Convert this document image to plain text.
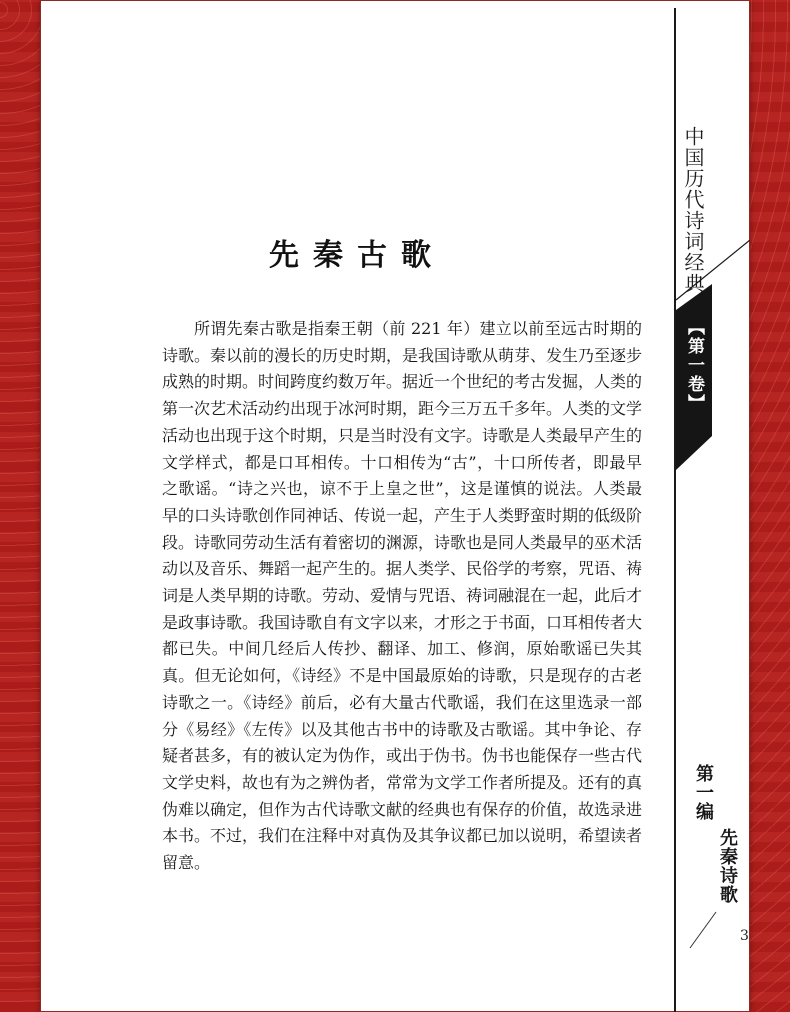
中国历代诗词经典
【第一卷】
先秦古歌

所谓先秦古歌是指秦王朝（前 221 年）建立以前至远古时期的诗歌。秦以前的漫长的历史时期，是我国诗歌从萌芽、发生乃至逐步成熟的时期。时间跨度约数万年。据近一个世纪的考古发掘，人类的第一次艺术活动约出现于冰河时期，距今三万五千多年。人类的文学活动也出现于这个时期，只是当时没有文字。诗歌是人类最早产生的文学样式，都是口耳相传。十口相传为“古”，十口所传者，即最早之歌谣。“诗之兴也，谅不于上皇之世”，这是谨慎的说法。人类最早的口头诗歌创作同神话、传说一起，产生于人类野蛮时期的低级阶段。诗歌同劳动生活有着密切的渊源，诗歌也是同人类最早的巫术活动以及音乐、舞蹈一起产生的。据人类学、民俗学的考察，咒语、祷词是人类早期的诗歌。劳动、爱情与咒语、祷词融混在一起，此后才是政事诗歌。我国诗歌自有文字以来，才形之于书面，口耳相传者大都已失。中间几经后人传抄、翻译、加工、修润，原始歌谣已失其真。但无论如何，《诗经》不是中国最原始的诗歌，只是现存的古老诗歌之一。《诗经》前后，必有大量古代歌谣，我们在这里选录一部分《易经》《左传》以及其他古书中的诗歌及古歌谣。其中争论、存疑者甚多，有的被认定为伪作，或出于伪书。伪书也能保存一些古代文学史料，故也有为之辨伪者，常常为文学工作者所提及。还有的真伪难以确定，但作为古代诗歌文献的经典也有保存的价值，故选录进本书。不过，我们在注释中对真伪及其争议都已加以说明，希望读者留意。

第一编
先秦诗歌
3
